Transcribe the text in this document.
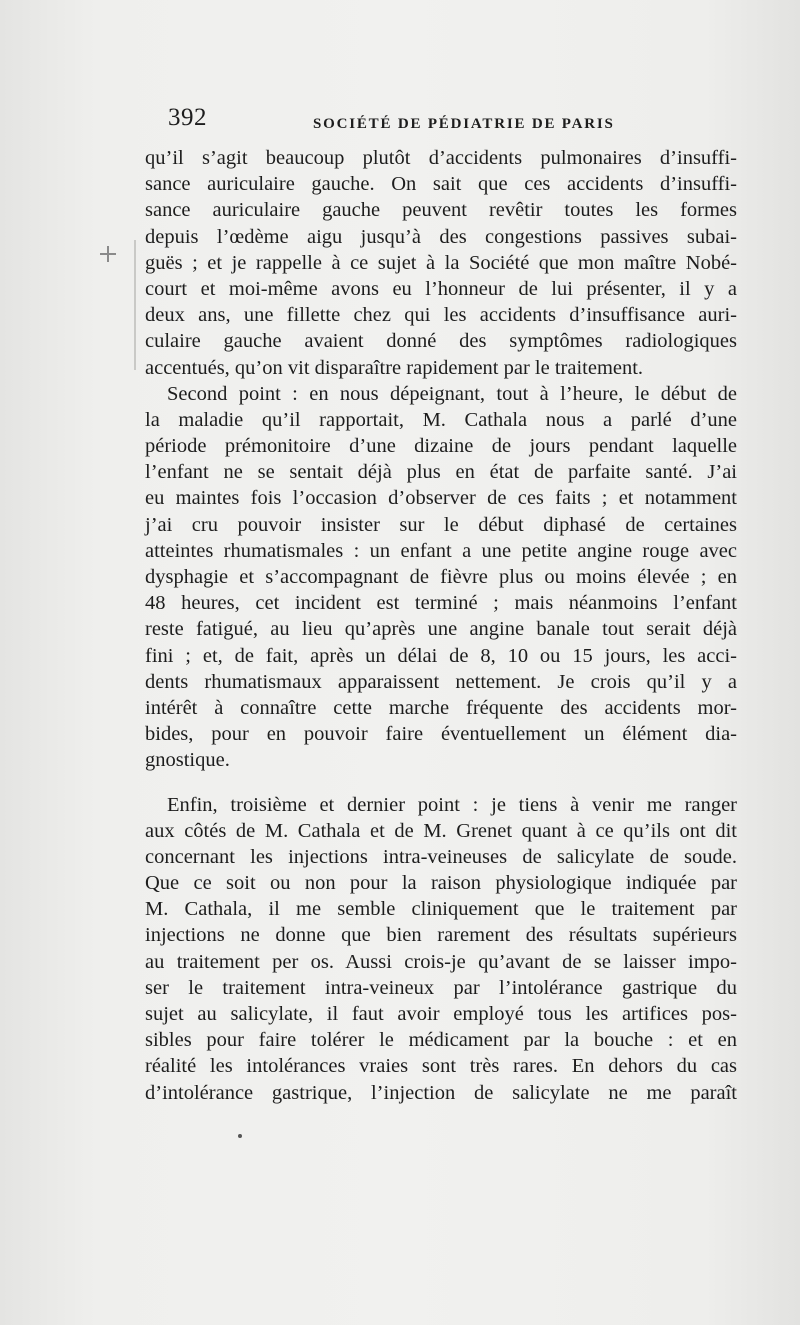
392	SOCIÉTÉ DE PÉDIATRIE DE PARIS
qu’il s’agit beaucoup plutôt d’accidents pulmonaires d’insuffi-
sance auriculaire gauche. On sait que ces accidents d’insuffi-
sance auriculaire gauche peuvent revêtir toutes les formes
depuis l’œdème aigu jusqu’à des congestions passives subai-
guës ; et je rappelle à ce sujet à la Société que mon maître Nobé-
court et moi-même avons eu l’honneur de lui présenter, il y a
deux ans, une fillette chez qui les accidents d’insuffisance auri-
culaire gauche avaient donné des symptômes radiologiques
accentués, qu’on vit disparaître rapidement par le traitement.
Second point : en nous dépeignant, tout à l’heure, le début de
la maladie qu’il rapportait, M. Cathala nous a parlé d’une
période prémonitoire d’une dizaine de jours pendant laquelle
l’enfant ne se sentait déjà plus en état de parfaite santé. J’ai
eu maintes fois l’occasion d’observer de ces faits ; et notamment
j’ai cru pouvoir insister sur le début diphasé de certaines
atteintes rhumatismales : un enfant a une petite angine rouge avec
dysphagie et s’accompagnant de fièvre plus ou moins élevée ; en
48 heures, cet incident est terminé ; mais néanmoins l’enfant
reste fatigué, au lieu qu’après une angine banale tout serait déjà
fini ; et, de fait, après un délai de 8, 10 ou 15 jours, les acci-
dents rhumatismaux apparaissent nettement. Je crois qu’il y a
intérêt à connaître cette marche fréquente des accidents mor-
bides, pour en pouvoir faire éventuellement un élément dia-
gnostique.
Enfin, troisième et dernier point : je tiens à venir me ranger
aux côtés de M. Cathala et de M. Grenet quant à ce qu’ils ont dit
concernant les injections intra-veineuses de salicylate de soude.
Que ce soit ou non pour la raison physiologique indiquée par
M. Cathala, il me semble cliniquement que le traitement par
injections ne donne que bien rarement des résultats supérieurs
au traitement per os. Aussi crois-je qu’avant de se laisser impo-
ser le traitement intra-veineux par l’intolérance gastrique du
sujet au salicylate, il faut avoir employé tous les artifices pos-
sibles pour faire tolérer le médicament par la bouche : et en
réalité les intolérances vraies sont très rares. En dehors du cas
d’intolérance gastrique, l’injection de salicylate ne me paraît
